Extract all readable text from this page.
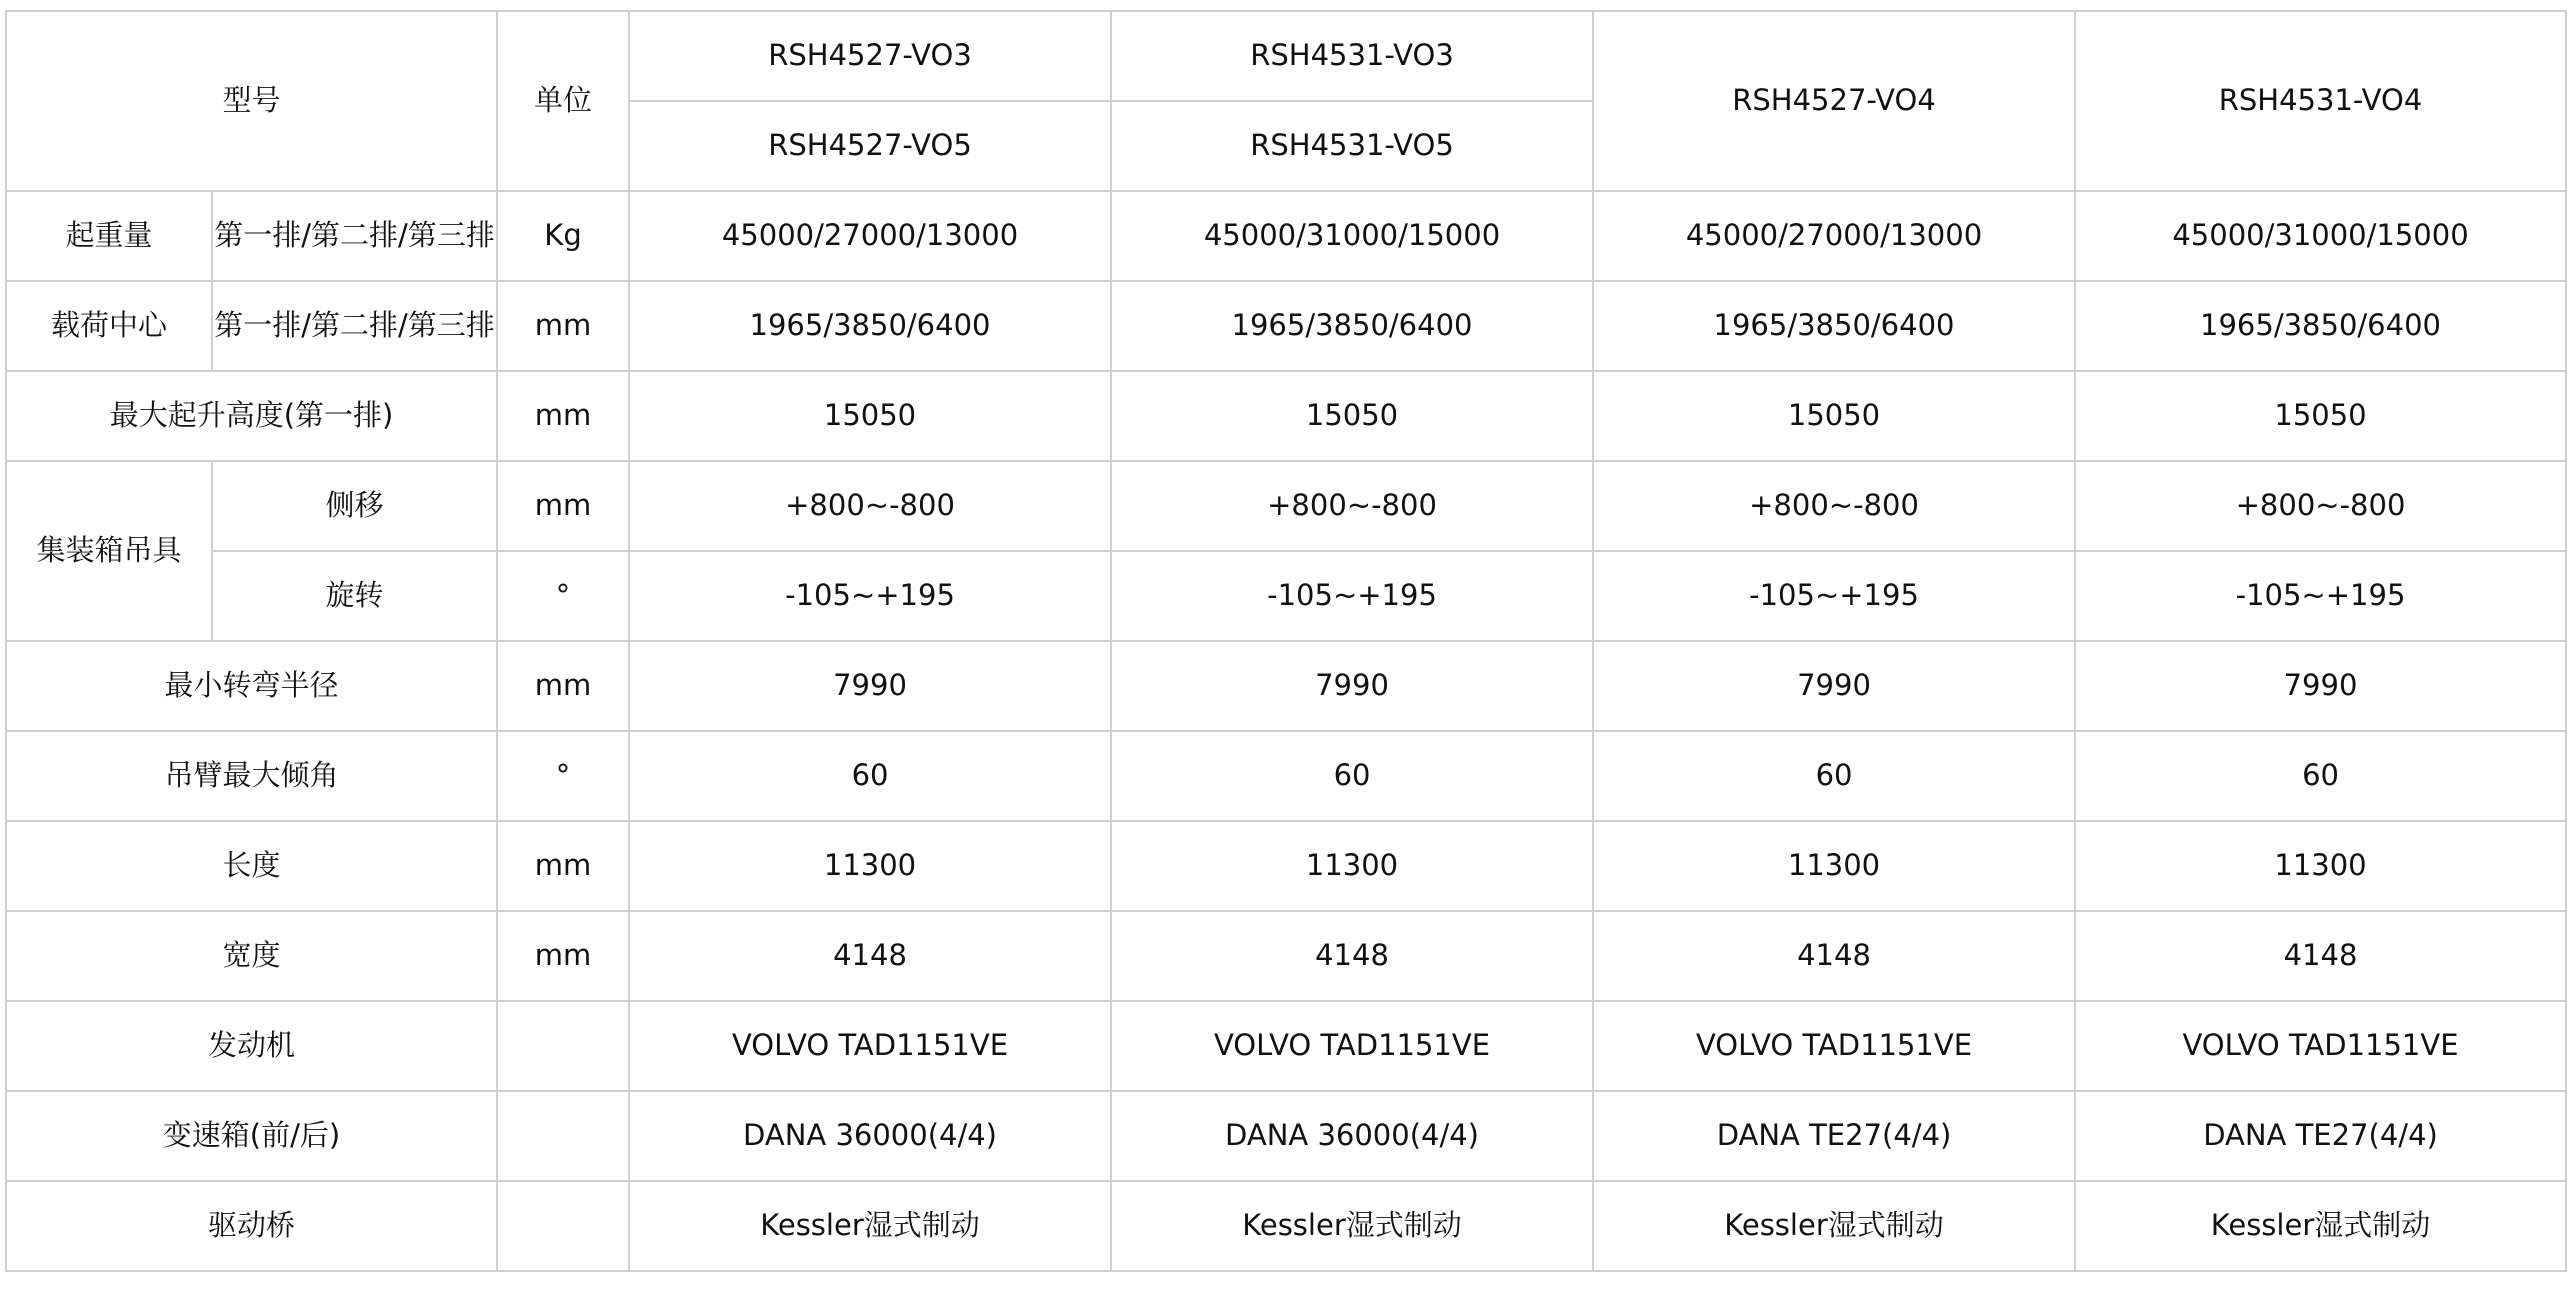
型号		单位	RSH4527-VO3	RSH4531-VO3	RSH4527-VO4	RSH4531-VO4
			RSH4527-VO5	RSH4531-VO5		
起重量	第一排/第二排/第三排	Kg	45000/27000/13000	45000/31000/15000	45000/27000/13000	45000/31000/15000
载荷中心	第一排/第二排/第三排	mm	1965/3850/6400	1965/3850/6400	1965/3850/6400	1965/3850/6400
最大起升高度(第一排)		mm	15050	15050	15050	15050
集装箱吊具	侧移	mm	+800~-800	+800~-800	+800~-800	+800~-800
	旋转	°	-105~+195	-105~+195	-105~+195	-105~+195
最小转弯半径		mm	7990	7990	7990	7990
吊臂最大倾角		°	60	60	60	60
长度		mm	11300	11300	11300	11300
宽度		mm	4148	4148	4148	4148
发动机			VOLVO TAD1151VE	VOLVO TAD1151VE	VOLVO TAD1151VE	VOLVO TAD1151VE
变速箱(前/后)			DANA 36000(4/4)	DANA 36000(4/4)	DANA TE27(4/4)	DANA TE27(4/4)
驱动桥			Kessler湿式制动	Kessler湿式制动	Kessler湿式制动	Kessler湿式制动
